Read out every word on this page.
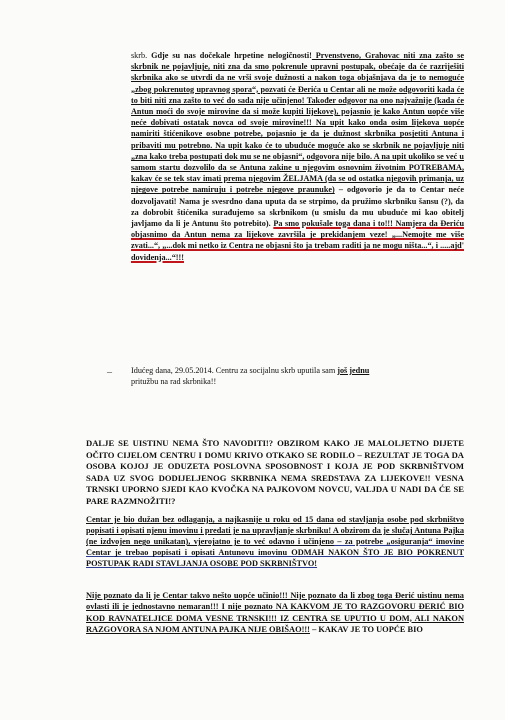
skrb. Gdje su nas dočekale hrpetine nelogičnosti! Prvenstveno, Grahovac niti zna zašto se skrbnik ne pojavljuje, niti zna da smo pokrenule upravni postupak, obećaje da će razriješiti skrbnika ako se utvrdi da ne vrši svoje dužnosti a nakon toga objašnjava da je to nemoguće „zbog pokrenutog upravnog spora“, pozvati će Đerića u Centar ali ne može odgovoriti kada će to biti niti zna zašto to već do sada nije učinjeno! Također odgovor na ono najvažnije (kada će Antun moći do svoje mirovine da si može kupiti lijekove), pojasnio je kako Antun uopće više neće dobivati ostatak novca od svoje mirovine!!! Na upit kako onda osim lijekova uopće namiriti štićenikove osobne potrebe, pojasnio je da je dužnost skrbnika posjetiti Antuna i pribaviti mu potrebno. Na upit kako će to ubuduće moguće ako se skrbnik ne pojavljuje niti „zna kako treba postupati dok mu se ne objasni“, odgovora nije bilo. A na upit ukoliko se već u samom startu dozvolilo da se Antuna zakine u njegovim osnovnim životnim POTREBAMA, kakav će se tek stav imati prema njegovim ŽELJAMA (da se od ostatka njegovih primanja, uz njegove potrebe namiruju i potrebe njegove praunuke) – odgovorio je da to Centar neće dozvoljavati! Nama je svesrdno dana uputa da se strpimo, da pružimo skrbniku šansu (?), da za dobrobit štićenika surađujemo sa skrbnikom (u smislu da mu ubuduće mi kao obitelj javljamo da li je Antunu što potrebito). Pa smo pokušale toga dana i to!!! Namjera da Đeriću objasnimo da Antun nema za lijekove završila je prekidanjem veze! „...Nemojte me više zvati...“, „...dok mi netko iz Centra ne objasni što ja trebam raditi ja ne mogu ništa...“, i .....ajd' dovidenja...“!!!
– Idućeg dana, 29.05.2014. Centru za socijalnu skrb uputila sam još jednu
pritužbu na rad skrbnika!!
DALJE SE UISTINU NEMA ŠTO NAVODITI!? OBZIROM KAKO JE MALOLJETNO DIJETE OČITO CIJELOM CENTRU I DOMU KRIVO OTKAKO SE RODILO – REZULTAT JE TOGA DA OSOBA KOJOJ JE ODUZETA POSLOVNA SPOSOBNOST I KOJA JE POD SKRBNIŠTVOM SADA UZ SVOG DODIJELJENOG SKRBNIKA NEMA SREDSTAVA ZA LIJEKOVE!! VESNA TRNSKI UPORNO SJEDI KAO KVOČKA NA PAJKOVOM NOVCU, VALJDA U NADI DA ĆE SE PARE RAZMNOŽITI!?
Centar je bio dužan bez odlaganja, a najkasnije u roku od 15 dana od stavljanja osobe pod skrbništvo popisati i opisati njenu imovinu i predati je na upravljanje skrbniku! A obzirom da je slučaj Antuna Pajka (ne izdvojen nego unikatan), vjerojatno je to već odavno i učinjeno – za potrebe „osiguranja“ imovine Centar je trebao popisati i opisati Antunovu imovinu ODMAH NAKON ŠTO JE BIO POKRENUT POSTUPAK RADI STAVLJANJA OSOBE POD SKRBNIŠTVO!
Nije poznato da li je Centar takvo nešto uopće učinio!!! Nije poznato da li zbog toga Đerić uistinu nema ovlasti ili je jednostavno nemaran!!! I nije poznato NA KAKVOM JE TO RAZGOVORU ĐERIĆ BIO KOD RAVNATELJICE DOMA VESNE TRNSKI!!! IZ CENTRA SE UPUTIO U DOM, ALI NAKON RAZGOVORA SA NJOM ANTUNA PAJKA NIJE OBIŠAO!!! – KAKAV JE TO UOPĆE BIO
